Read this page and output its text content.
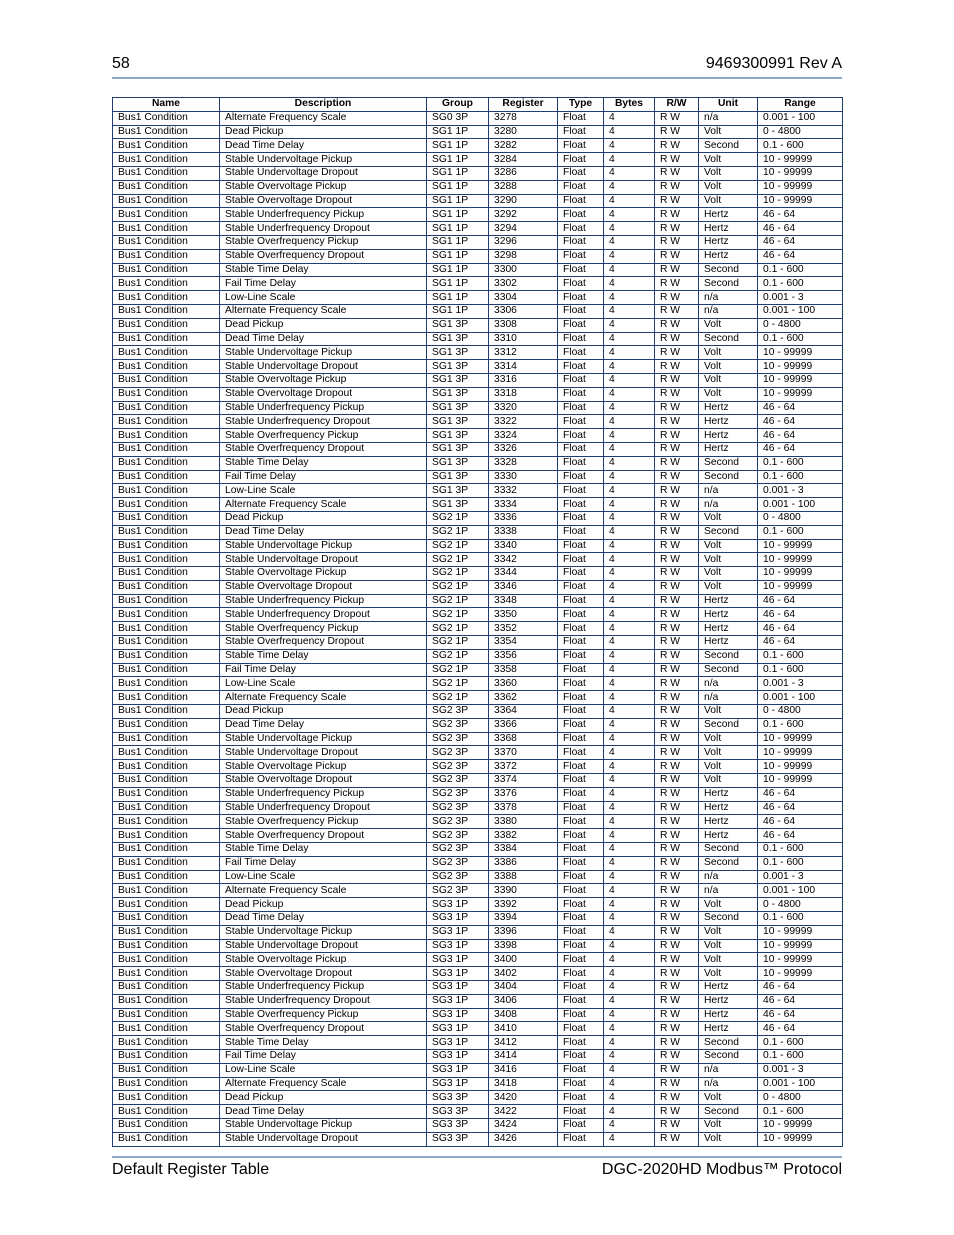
58	9469300991 Rev A
Name	Description	Group	Register	Type	Bytes	R/W	Unit	Range
Bus1 Condition	Alternate Frequency Scale	SG0 3P	3278	Float	4	R W	n/a	0.001 - 100
Bus1 Condition	Dead Pickup	SG1 1P	3280	Float	4	R W	Volt	0 - 4800
Bus1 Condition	Dead Time Delay	SG1 1P	3282	Float	4	R W	Second	0.1 - 600
Bus1 Condition	Stable Undervoltage Pickup	SG1 1P	3284	Float	4	R W	Volt	10 - 99999
Bus1 Condition	Stable Undervoltage Dropout	SG1 1P	3286	Float	4	R W	Volt	10 - 99999
Bus1 Condition	Stable Overvoltage Pickup	SG1 1P	3288	Float	4	R W	Volt	10 - 99999
Bus1 Condition	Stable Overvoltage Dropout	SG1 1P	3290	Float	4	R W	Volt	10 - 99999
Bus1 Condition	Stable Underfrequency Pickup	SG1 1P	3292	Float	4	R W	Hertz	46 - 64
Bus1 Condition	Stable Underfrequency Dropout	SG1 1P	3294	Float	4	R W	Hertz	46 - 64
Bus1 Condition	Stable Overfrequency Pickup	SG1 1P	3296	Float	4	R W	Hertz	46 - 64
Bus1 Condition	Stable Overfrequency Dropout	SG1 1P	3298	Float	4	R W	Hertz	46 - 64
Bus1 Condition	Stable Time Delay	SG1 1P	3300	Float	4	R W	Second	0.1 - 600
Bus1 Condition	Fail Time Delay	SG1 1P	3302	Float	4	R W	Second	0.1 - 600
Bus1 Condition	Low-Line Scale	SG1 1P	3304	Float	4	R W	n/a	0.001 - 3
Bus1 Condition	Alternate Frequency Scale	SG1 1P	3306	Float	4	R W	n/a	0.001 - 100
Bus1 Condition	Dead Pickup	SG1 3P	3308	Float	4	R W	Volt	0 - 4800
Bus1 Condition	Dead Time Delay	SG1 3P	3310	Float	4	R W	Second	0.1 - 600
Bus1 Condition	Stable Undervoltage Pickup	SG1 3P	3312	Float	4	R W	Volt	10 - 99999
Bus1 Condition	Stable Undervoltage Dropout	SG1 3P	3314	Float	4	R W	Volt	10 - 99999
Bus1 Condition	Stable Overvoltage Pickup	SG1 3P	3316	Float	4	R W	Volt	10 - 99999
Bus1 Condition	Stable Overvoltage Dropout	SG1 3P	3318	Float	4	R W	Volt	10 - 99999
Bus1 Condition	Stable Underfrequency Pickup	SG1 3P	3320	Float	4	R W	Hertz	46 - 64
Bus1 Condition	Stable Underfrequency Dropout	SG1 3P	3322	Float	4	R W	Hertz	46 - 64
Bus1 Condition	Stable Overfrequency Pickup	SG1 3P	3324	Float	4	R W	Hertz	46 - 64
Bus1 Condition	Stable Overfrequency Dropout	SG1 3P	3326	Float	4	R W	Hertz	46 - 64
Bus1 Condition	Stable Time Delay	SG1 3P	3328	Float	4	R W	Second	0.1 - 600
Bus1 Condition	Fail Time Delay	SG1 3P	3330	Float	4	R W	Second	0.1 - 600
Bus1 Condition	Low-Line Scale	SG1 3P	3332	Float	4	R W	n/a	0.001 - 3
Bus1 Condition	Alternate Frequency Scale	SG1 3P	3334	Float	4	R W	n/a	0.001 - 100
Bus1 Condition	Dead Pickup	SG2 1P	3336	Float	4	R W	Volt	0 - 4800
Bus1 Condition	Dead Time Delay	SG2 1P	3338	Float	4	R W	Second	0.1 - 600
Bus1 Condition	Stable Undervoltage Pickup	SG2 1P	3340	Float	4	R W	Volt	10 - 99999
Bus1 Condition	Stable Undervoltage Dropout	SG2 1P	3342	Float	4	R W	Volt	10 - 99999
Bus1 Condition	Stable Overvoltage Pickup	SG2 1P	3344	Float	4	R W	Volt	10 - 99999
Bus1 Condition	Stable Overvoltage Dropout	SG2 1P	3346	Float	4	R W	Volt	10 - 99999
Bus1 Condition	Stable Underfrequency Pickup	SG2 1P	3348	Float	4	R W	Hertz	46 - 64
Bus1 Condition	Stable Underfrequency Dropout	SG2 1P	3350	Float	4	R W	Hertz	46 - 64
Bus1 Condition	Stable Overfrequency Pickup	SG2 1P	3352	Float	4	R W	Hertz	46 - 64
Bus1 Condition	Stable Overfrequency Dropout	SG2 1P	3354	Float	4	R W	Hertz	46 - 64
Bus1 Condition	Stable Time Delay	SG2 1P	3356	Float	4	R W	Second	0.1 - 600
Bus1 Condition	Fail Time Delay	SG2 1P	3358	Float	4	R W	Second	0.1 - 600
Bus1 Condition	Low-Line Scale	SG2 1P	3360	Float	4	R W	n/a	0.001 - 3
Bus1 Condition	Alternate Frequency Scale	SG2 1P	3362	Float	4	R W	n/a	0.001 - 100
Bus1 Condition	Dead Pickup	SG2 3P	3364	Float	4	R W	Volt	0 - 4800
Bus1 Condition	Dead Time Delay	SG2 3P	3366	Float	4	R W	Second	0.1 - 600
Bus1 Condition	Stable Undervoltage Pickup	SG2 3P	3368	Float	4	R W	Volt	10 - 99999
Bus1 Condition	Stable Undervoltage Dropout	SG2 3P	3370	Float	4	R W	Volt	10 - 99999
Bus1 Condition	Stable Overvoltage Pickup	SG2 3P	3372	Float	4	R W	Volt	10 - 99999
Bus1 Condition	Stable Overvoltage Dropout	SG2 3P	3374	Float	4	R W	Volt	10 - 99999
Bus1 Condition	Stable Underfrequency Pickup	SG2 3P	3376	Float	4	R W	Hertz	46 - 64
Bus1 Condition	Stable Underfrequency Dropout	SG2 3P	3378	Float	4	R W	Hertz	46 - 64
Bus1 Condition	Stable Overfrequency Pickup	SG2 3P	3380	Float	4	R W	Hertz	46 - 64
Bus1 Condition	Stable Overfrequency Dropout	SG2 3P	3382	Float	4	R W	Hertz	46 - 64
Bus1 Condition	Stable Time Delay	SG2 3P	3384	Float	4	R W	Second	0.1 - 600
Bus1 Condition	Fail Time Delay	SG2 3P	3386	Float	4	R W	Second	0.1 - 600
Bus1 Condition	Low-Line Scale	SG2 3P	3388	Float	4	R W	n/a	0.001 - 3
Bus1 Condition	Alternate Frequency Scale	SG2 3P	3390	Float	4	R W	n/a	0.001 - 100
Bus1 Condition	Dead Pickup	SG3 1P	3392	Float	4	R W	Volt	0 - 4800
Bus1 Condition	Dead Time Delay	SG3 1P	3394	Float	4	R W	Second	0.1 - 600
Bus1 Condition	Stable Undervoltage Pickup	SG3 1P	3396	Float	4	R W	Volt	10 - 99999
Bus1 Condition	Stable Undervoltage Dropout	SG3 1P	3398	Float	4	R W	Volt	10 - 99999
Bus1 Condition	Stable Overvoltage Pickup	SG3 1P	3400	Float	4	R W	Volt	10 - 99999
Bus1 Condition	Stable Overvoltage Dropout	SG3 1P	3402	Float	4	R W	Volt	10 - 99999
Bus1 Condition	Stable Underfrequency Pickup	SG3 1P	3404	Float	4	R W	Hertz	46 - 64
Bus1 Condition	Stable Underfrequency Dropout	SG3 1P	3406	Float	4	R W	Hertz	46 - 64
Bus1 Condition	Stable Overfrequency Pickup	SG3 1P	3408	Float	4	R W	Hertz	46 - 64
Bus1 Condition	Stable Overfrequency Dropout	SG3 1P	3410	Float	4	R W	Hertz	46 - 64
Bus1 Condition	Stable Time Delay	SG3 1P	3412	Float	4	R W	Second	0.1 - 600
Bus1 Condition	Fail Time Delay	SG3 1P	3414	Float	4	R W	Second	0.1 - 600
Bus1 Condition	Low-Line Scale	SG3 1P	3416	Float	4	R W	n/a	0.001 - 3
Bus1 Condition	Alternate Frequency Scale	SG3 1P	3418	Float	4	R W	n/a	0.001 - 100
Bus1 Condition	Dead Pickup	SG3 3P	3420	Float	4	R W	Volt	0 - 4800
Bus1 Condition	Dead Time Delay	SG3 3P	3422	Float	4	R W	Second	0.1 - 600
Bus1 Condition	Stable Undervoltage Pickup	SG3 3P	3424	Float	4	R W	Volt	10 - 99999
Bus1 Condition	Stable Undervoltage Dropout	SG3 3P	3426	Float	4	R W	Volt	10 - 99999
Default Register Table	DGC-2020HD Modbus™ Protocol
